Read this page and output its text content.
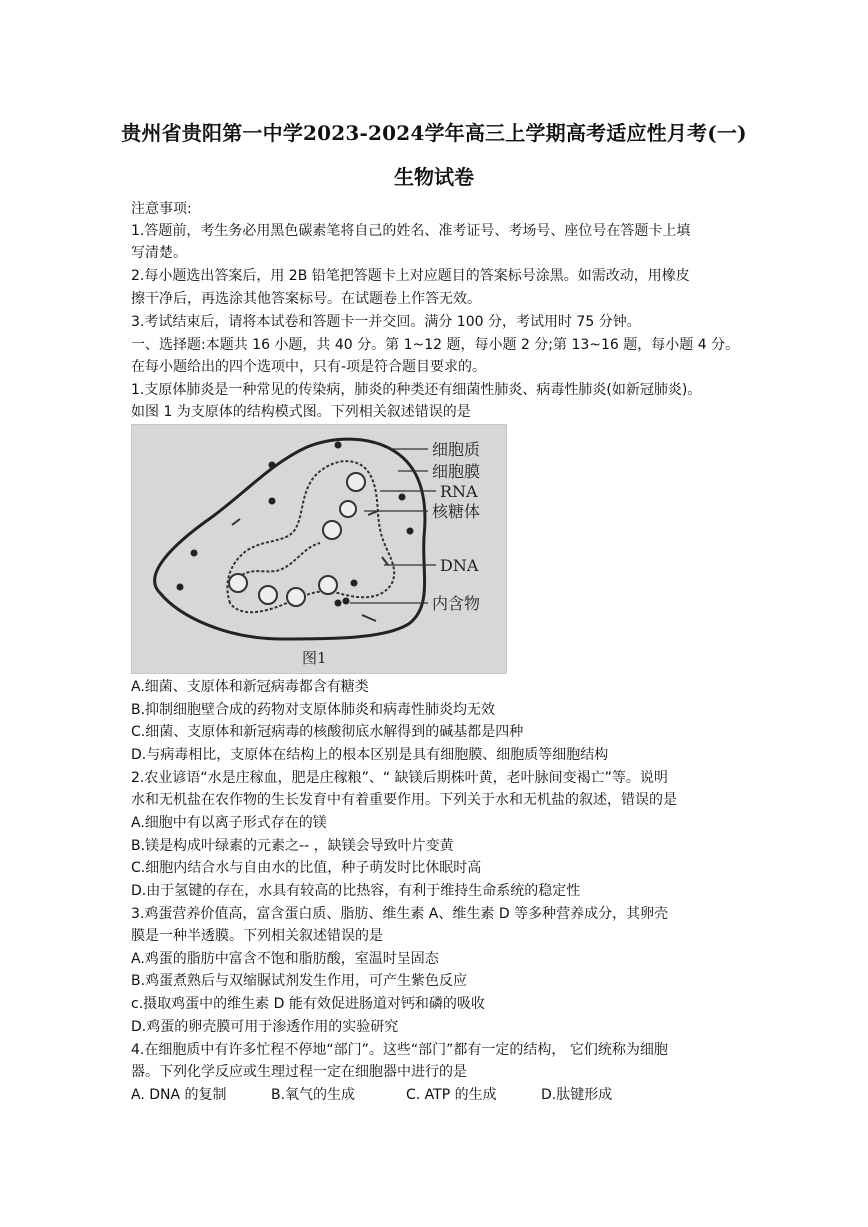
贵州省贵阳第一中学2023-2024学年高三上学期高考适应性月考(一)
生物试卷
注意事项:
1.答题前，考生务必用黑色碳素笔将自己的姓名、准考证号、考场号、座位号在答题卡上填
写清楚。
2.每小题选出答案后，用 2B 铅笔把答题卡上对应题目的答案标号涂黑。如需改动，用橡皮
擦干净后，再选涂其他答案标号。在试题卷上作答无效。
3.考试结束后，请将本试卷和答题卡一并交回。满分 100 分，考试用时 75 分钟。
一、选择题:本题共 16 小题，共 40 分。第 1~12 题，每小题 2 分;第 13~16 题，每小题 4 分。
在每小题给出的四个选项中，只有-项是符合题目要求的。
1.支原体肺炎是一种常见的传染病，肺炎的种类还有细菌性肺炎、病毒性肺炎(如新冠肺炎)。
如图 1 为支原体的结构模式图。下列相关叙述错误的是
细胞质
细胞膜
RNA
核糖体
DNA
内含物
图1
A.细菌、支原体和新冠病毒都含有糖类
B.抑制细胞壁合成的药物对支原体肺炎和病毒性肺炎均无效
C.细菌、支原体和新冠病毒的核酸彻底水解得到的碱基都是四种
D.与病毒相比，支原体在结构上的根本区别是具有细胞膜、细胞质等细胞结构
2.农业谚语“水是庄稼血，肥是庄稼粮”、“ 缺镁后期株叶黄，老叶脉间变褐亡”等。说明
水和无机盐在农作物的生长发育中有着重要作用。下列关于水和无机盐的叙述，错误的是
A.细胞中有以离子形式存在的镁
B.镁是构成叶绿素的元素之-- ，缺镁会导致叶片变黄
C.细胞内结合水与自由水的比值，种子萌发时比休眠时高
D.由于氢键的存在，水具有较高的比热容，有利于维持生命系统的稳定性
3.鸡蛋营养价值高，富含蛋白质、脂肪、维生素 A、维生素 D 等多种营养成分，其卵壳
膜是一种半透膜。下列相关叙述错误的是
A.鸡蛋的脂肪中富含不饱和脂肪酸，室温时呈固态
B.鸡蛋煮熟后与双缩脲试剂发生作用，可产生紫色反应
c.摄取鸡蛋中的维生素 D 能有效促进肠道对钙和磷的吸收
D.鸡蛋的卵壳膜可用于渗透作用的实验研究
4.在细胞质中有许多忙程不停地“部门”。这些“部门”都有一定的结构， 它们统称为细胞
器。下列化学反应或生理过程一定在细胞器中进行的是
A. DNA 的复制	B.氧气的生成	C. ATP 的生成	D.肽键形成
